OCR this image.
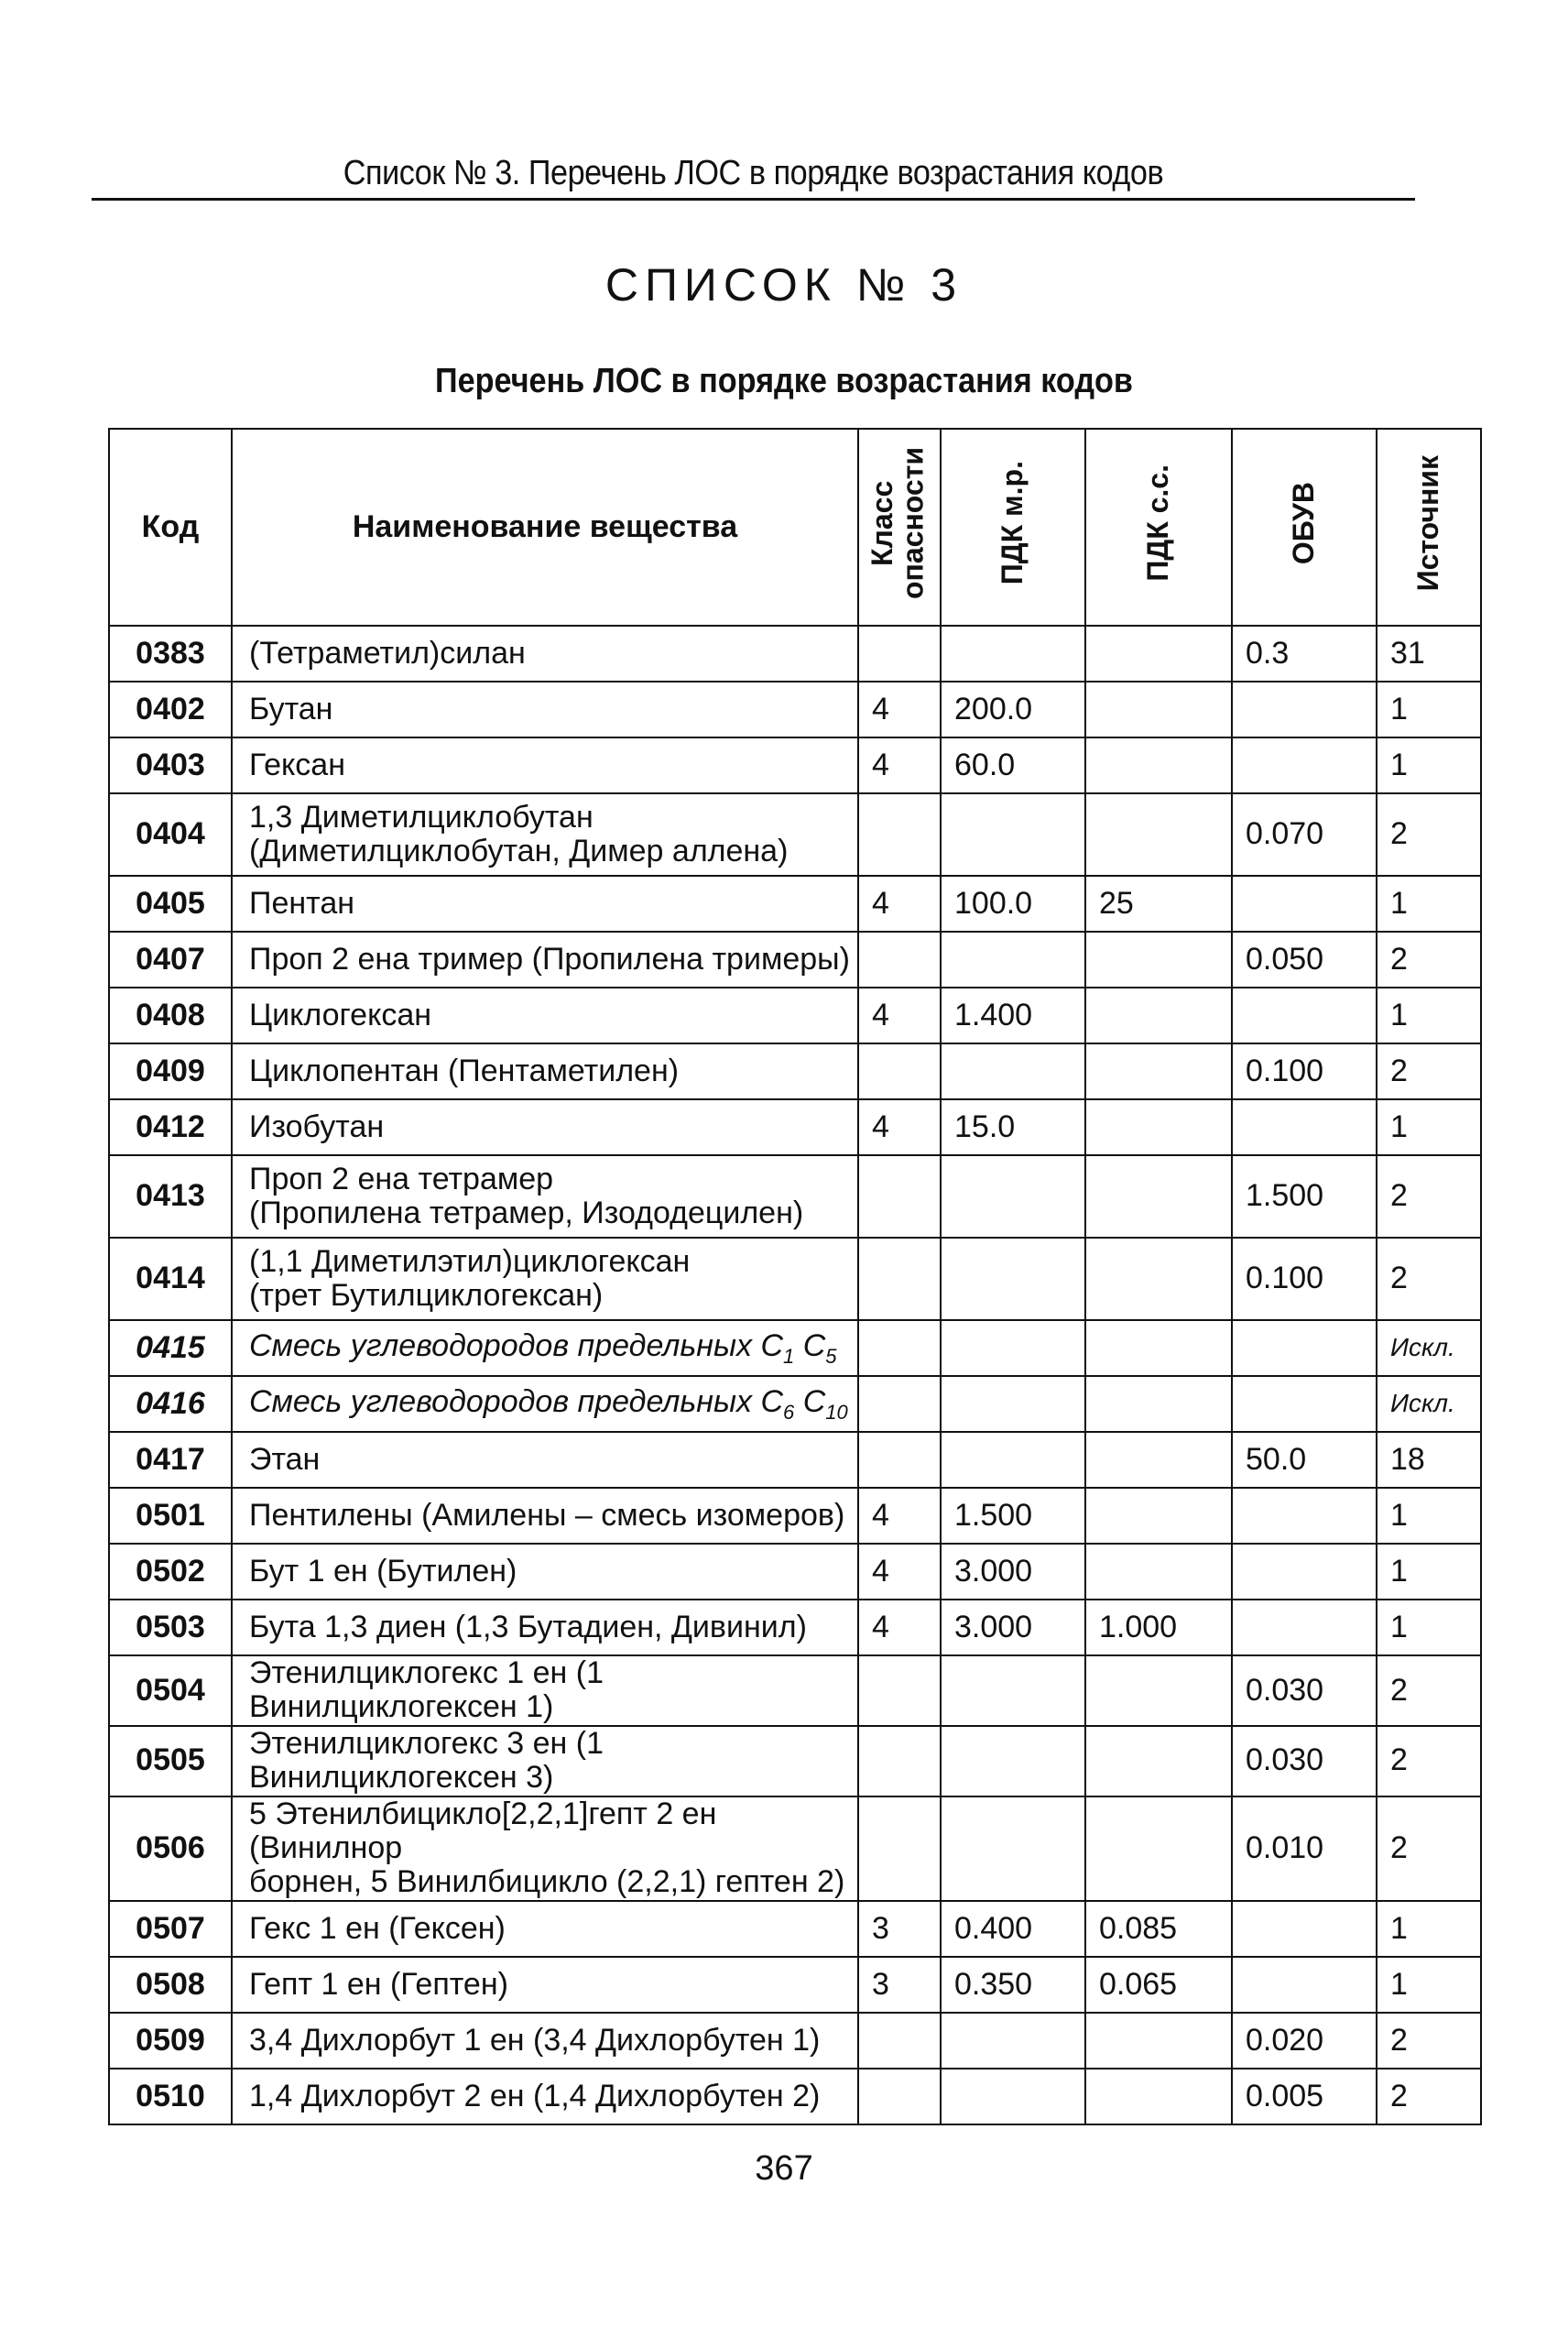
Список № 3. Перечень ЛОС в порядке возрастания кодов
СПИСОК № 3
Перечень ЛОС в порядке возрастания кодов
Код	Наименование вещества	Класс опасности	ПДК м.р.	ПДК с.с.	ОБУВ	Источник
0383	(Тетраметил)силан				0.3	31
0402	Бутан	4	200.0			1
0403	Гексан	4	60.0			1
0404	1,3 Диметилциклобутан
(Диметилциклобутан, Димер аллена)				0.070	2
0405	Пентан	4	100.0	25		1
0407	Проп 2 ена тример (Пропилена тримеры)				0.050	2
0408	Циклогексан	4	1.400			1
0409	Циклопентан (Пентаметилен)				0.100	2
0412	Изобутан	4	15.0			1
0413	Проп 2 ена тетрамер
(Пропилена тетрамер, Изододецилен)				1.500	2
0414	(1,1 Диметилэтил)циклогексан
(трет Бутилциклогексан)				0.100	2
0415	Смесь углеводородов предельных $C_1$ $C_5$					Искл.
0416	Смесь углеводородов предельных $C_6$ $C_{10}$					Искл.
0417	Этан				50.0	18
0501	Пентилены (Амилены – смесь изомеров)	4	1.500			1
0502	Бут 1 ен (Бутилен)	4	3.000			1
0503	Бута 1,3 диен (1,3 Бутадиен, Дивинил)	4	3.000	1.000		1
0504	Этенилциклогекс 1 ен (1 Винилциклогексен 1)				0.030	2
0505	Этенилциклогекс 3 ен (1 Винилциклогексен 3)				0.030	2
0506	5 Этенилбицикло[2,2,1]гепт 2 ен (Винилнор
борнен, 5 Винилбицикло (2,2,1) гептен 2)				0.010	2
0507	Гекс 1 ен (Гексен)	3	0.400	0.085		1
0508	Гепт 1 ен (Гептен)	3	0.350	0.065		1
0509	3,4 Дихлорбут 1 ен (3,4 Дихлорбутен 1)				0.020	2
0510	1,4 Дихлорбут 2 ен (1,4 Дихлорбутен 2)				0.005	2
367
